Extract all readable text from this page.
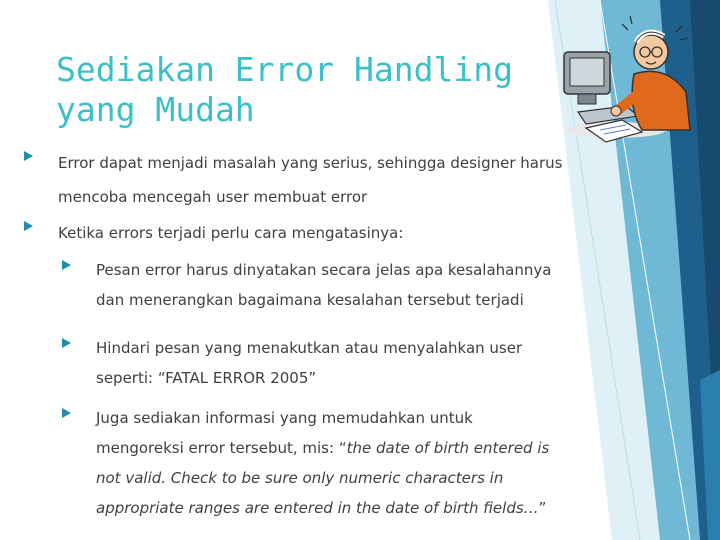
Sediakan Error Handling
yang Mudah
Error dapat menjadi masalah yang serius, sehingga designer harus mencoba mencegah user membuat error
Ketika errors terjadi perlu cara mengatasinya:
Pesan error harus dinyatakan secara jelas apa kesalahannya dan menerangkan bagaimana kesalahan tersebut terjadi
Hindari pesan yang menakutkan atau menyalahkan user seperti: “FATAL ERROR 2005”
Juga sediakan informasi yang memudahkan untuk mengoreksi error tersebut, mis: “the date of birth entered is not valid. Check to be sure only numeric characters in appropriate ranges are entered in the date of birth fields…”
